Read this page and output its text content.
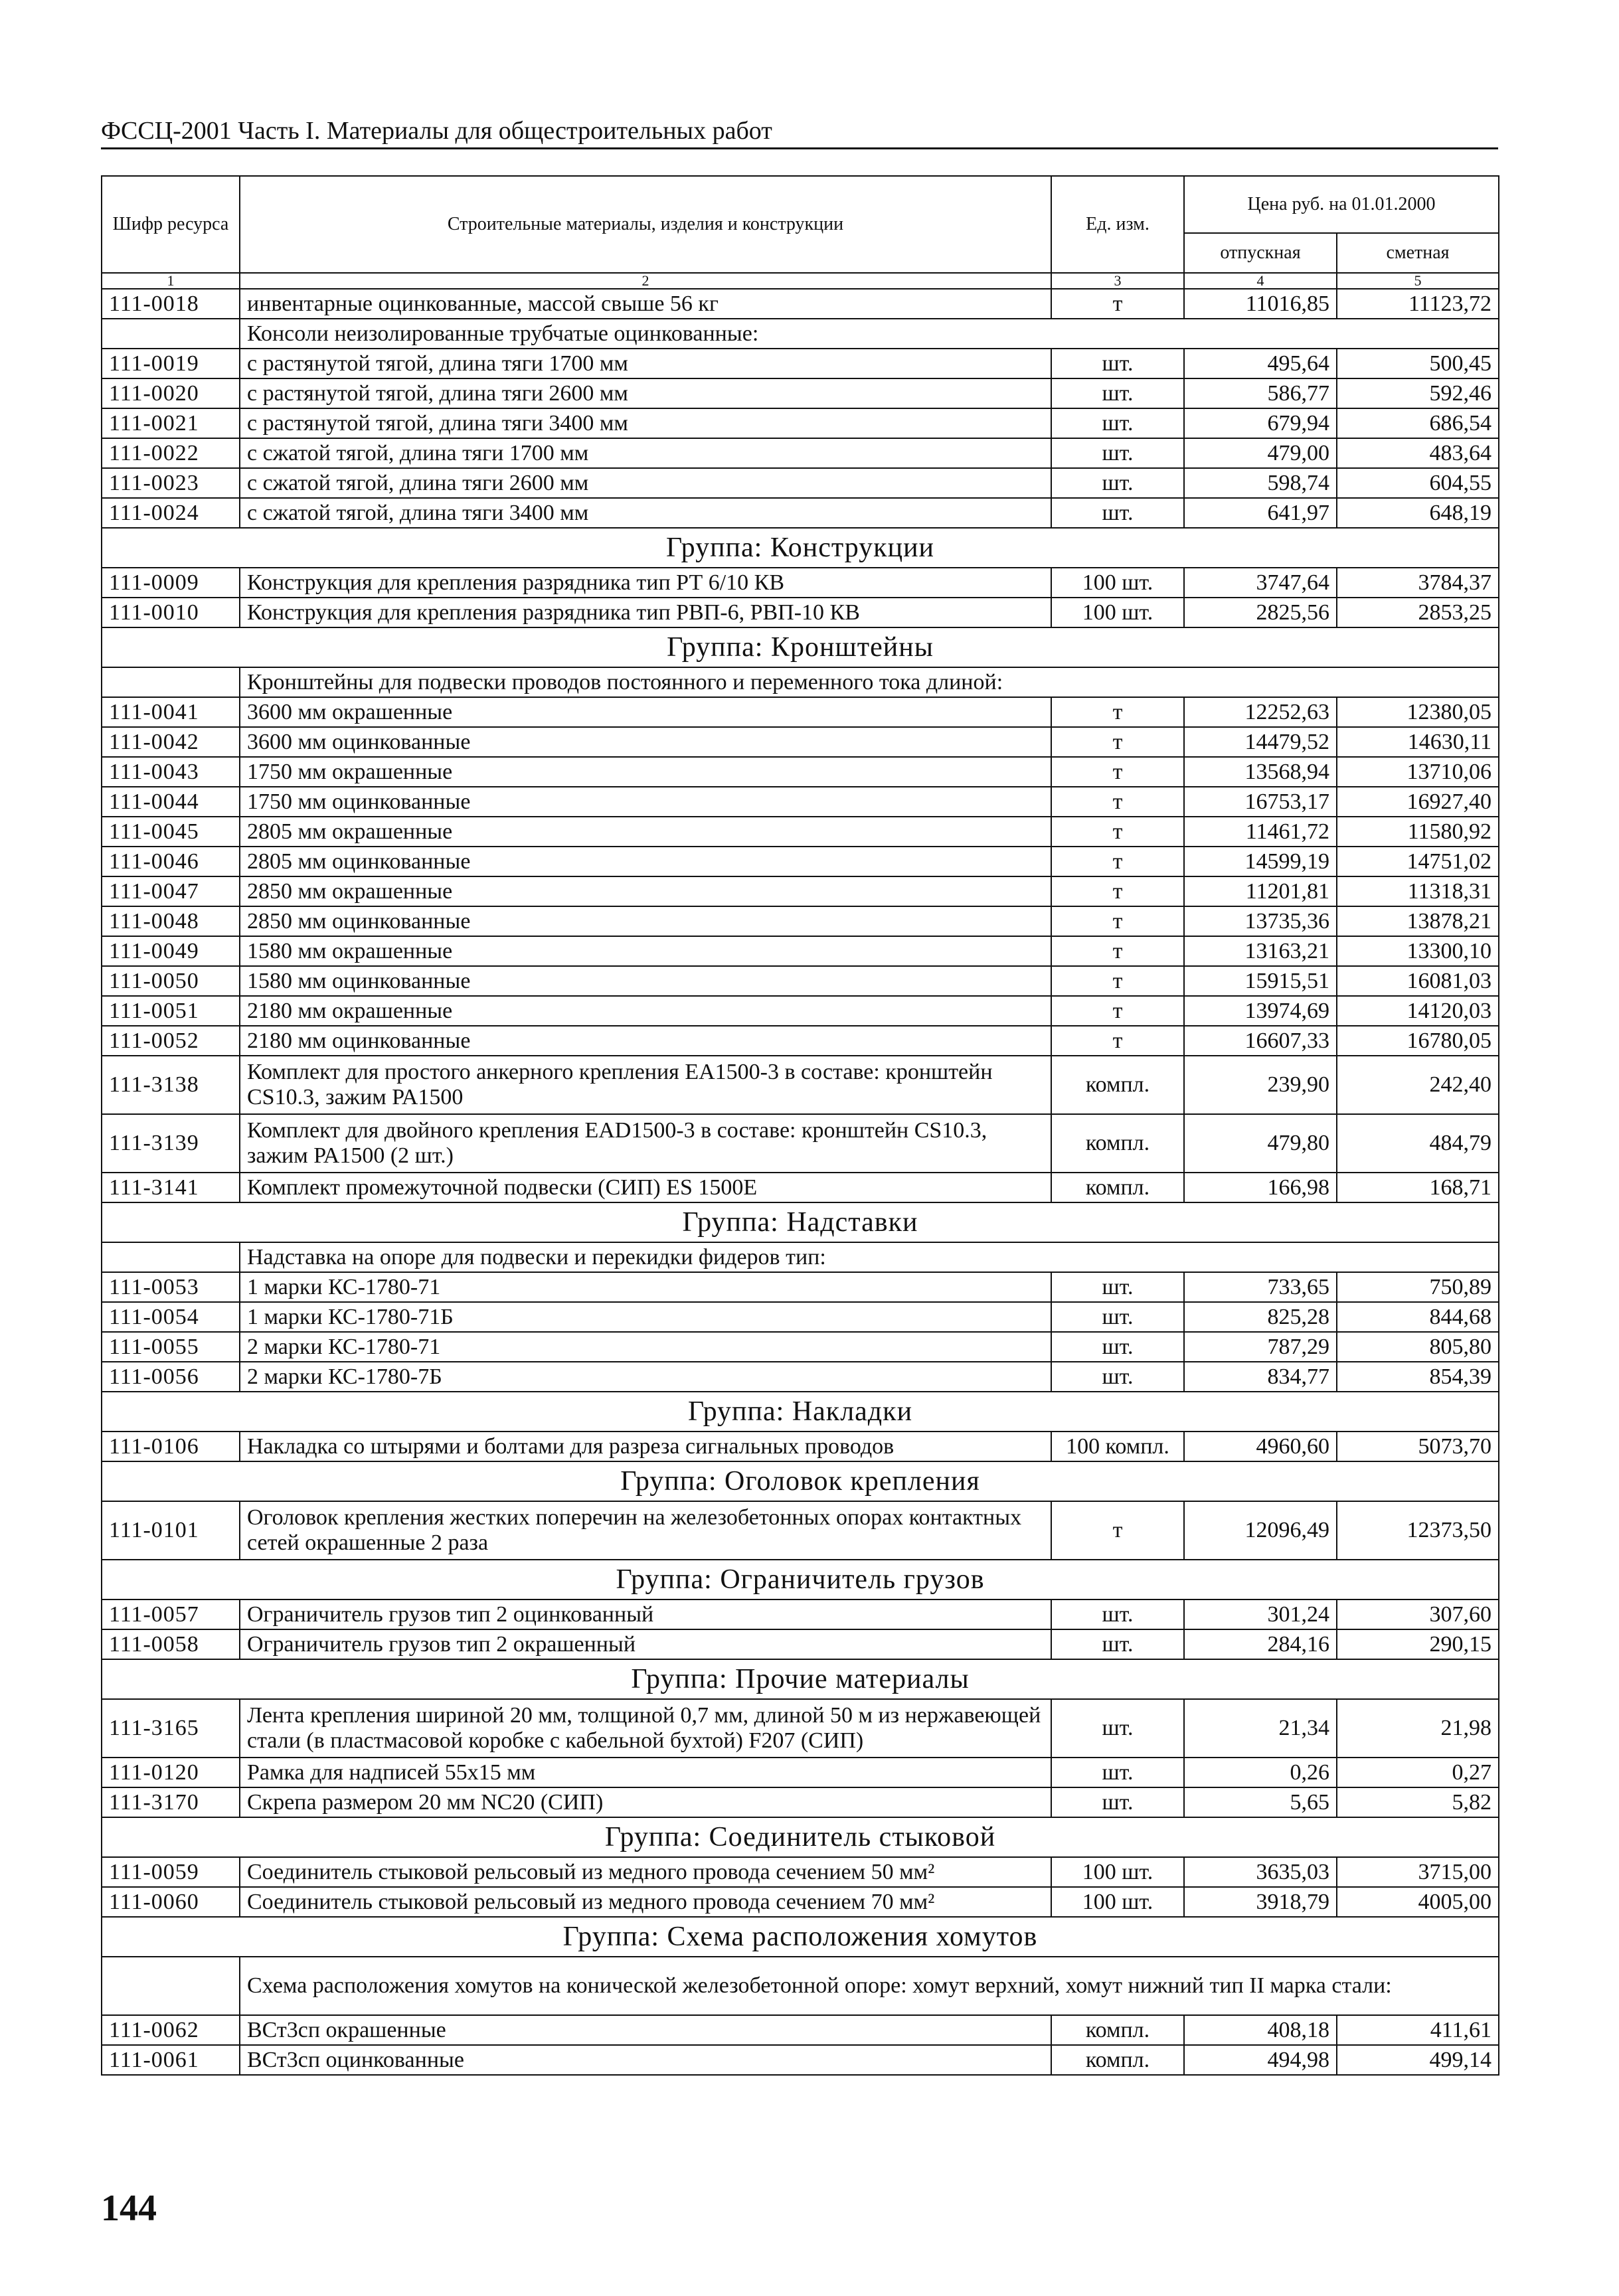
ФССЦ-2001 Часть I. Материалы для общестроительных работ
Шифр ресурса	Строительные материалы, изделия и конструкции	Ед. изм.	Цена руб. на 01.01.2000	
			отпускная	сметная
1	2	3	4	5
111-0018	инвентарные оцинкованные, массой свыше 56 кг	т	11016,85	11123,72
	Консоли неизолированные трубчатые оцинкованные:			
111-0019	с растянутой тягой, длина тяги 1700 мм	шт.	495,64	500,45
111-0020	с растянутой тягой, длина тяги 2600 мм	шт.	586,77	592,46
111-0021	с растянутой тягой, длина тяги 3400 мм	шт.	679,94	686,54
111-0022	с сжатой тягой, длина тяги 1700 мм	шт.	479,00	483,64
111-0023	с сжатой тягой, длина тяги 2600 мм	шт.	598,74	604,55
111-0024	с сжатой тягой, длина тяги 3400 мм	шт.	641,97	648,19
Группа: Конструкции				
111-0009	Конструкция для крепления разрядника тип РТ 6/10 КВ	100 шт.	3747,64	3784,37
111-0010	Конструкция для крепления разрядника тип РВП-6, РВП-10 КВ	100 шт.	2825,56	2853,25
Группа: Кронштейны				
	Кронштейны для подвески проводов постоянного и переменного тока длиной:			
111-0041	3600 мм окрашенные	т	12252,63	12380,05
111-0042	3600 мм оцинкованные	т	14479,52	14630,11
111-0043	1750 мм окрашенные	т	13568,94	13710,06
111-0044	1750 мм оцинкованные	т	16753,17	16927,40
111-0045	2805 мм окрашенные	т	11461,72	11580,92
111-0046	2805 мм оцинкованные	т	14599,19	14751,02
111-0047	2850 мм окрашенные	т	11201,81	11318,31
111-0048	2850 мм оцинкованные	т	13735,36	13878,21
111-0049	1580 мм окрашенные	т	13163,21	13300,10
111-0050	1580 мм оцинкованные	т	15915,51	16081,03
111-0051	2180 мм окрашенные	т	13974,69	14120,03
111-0052	2180 мм оцинкованные	т	16607,33	16780,05
111-3138	Комплект для простого анкерного крепления ЕА1500-3 в составе: кронштейн CS10.3, зажим РА1500	компл.	239,90	242,40
111-3139	Комплект для двойного крепления EAD1500-3 в составе: кронштейн CS10.3, зажим РА1500 (2 шт.)	компл.	479,80	484,79
111-3141	Комплект промежуточной подвески (СИП) ES 1500E	компл.	166,98	168,71
Группа: Надставки				
	Надставка на опоре для подвески и перекидки фидеров тип:			
111-0053	1 марки КС-1780-71	шт.	733,65	750,89
111-0054	1 марки КС-1780-71Б	шт.	825,28	844,68
111-0055	2 марки КС-1780-71	шт.	787,29	805,80
111-0056	2 марки КС-1780-7Б	шт.	834,77	854,39
Группа: Накладки				
111-0106	Накладка со штырями и болтами для разреза сигнальных проводов	100 компл.	4960,60	5073,70
Группа: Оголовок крепления				
111-0101	Оголовок крепления жестких поперечин на железобетонных опорах контактных сетей окрашенные 2 раза	т	12096,49	12373,50
Группа: Ограничитель грузов				
111-0057	Ограничитель грузов тип 2 оцинкованный	шт.	301,24	307,60
111-0058	Ограничитель грузов тип 2 окрашенный	шт.	284,16	290,15
Группа: Прочие материалы				
111-3165	Лента крепления шириной 20 мм, толщиной 0,7 мм, длиной 50 м из нержавеющей стали (в пластмасовой коробке с кабельной бухтой) F207 (СИП)	шт.	21,34	21,98
111-0120	Рамка для надписей 55х15 мм	шт.	0,26	0,27
111-3170	Скрепа размером 20 мм NC20 (СИП)	шт.	5,65	5,82
Группа: Соединитель стыковой				
111-0059	Соединитель стыковой рельсовый из медного провода сечением 50 мм²	100 шт.	3635,03	3715,00
111-0060	Соединитель стыковой рельсовый из медного провода сечением 70 мм²	100 шт.	3918,79	4005,00
Группа: Схема расположения хомутов				
	Схема расположения хомутов на конической железобетонной опоре: хомут верхний, хомут нижний тип II марка стали:			
111-0062	ВСт3сп окрашенные	компл.	408,18	411,61
111-0061	ВСт3сп оцинкованные	компл.	494,98	499,14
144
